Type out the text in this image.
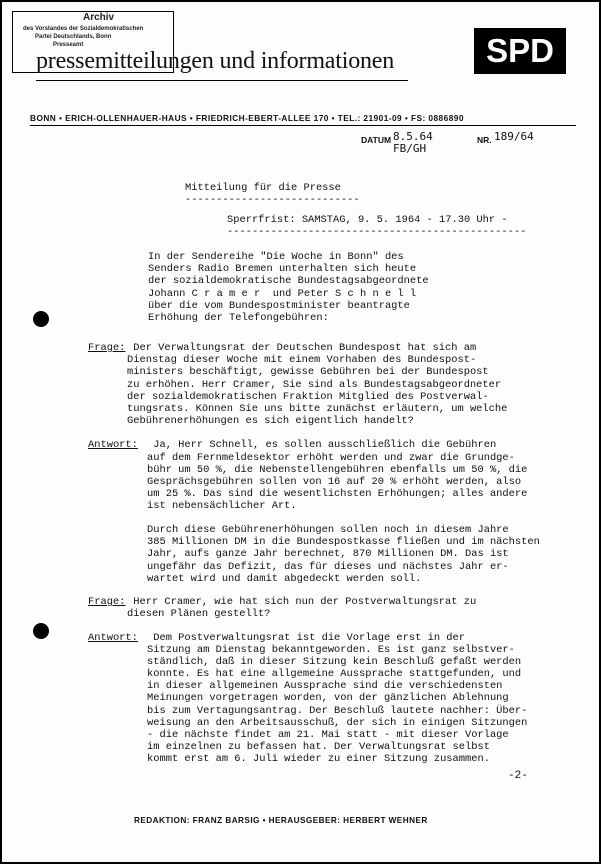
Archiv
des Vorstandes der Sozialdemokratischen
Partei Deutschlands, Bonn
Presseamt
pressemitteilungen und informationen	SPD
BONN • ERICH-OLLENHAUER-HAUS • FRIEDRICH-EBERT-ALLEE 170 • TEL.: 21901-09 • FS: 0886890
DATUM 8.5.64
FB/GH
NR. 189/64
Mitteilung für die Presse
----------------------------
Sperrfrist: SAMSTAG, 9. 5. 1964 - 17.30 Uhr -
------------------------------------------------
In der Sendereihe "Die Woche in Bonn" des
Senders Radio Bremen unterhalten sich heute
der sozialdemokratische Bundestagsabgeordnete
Johann C r a m e r  und Peter S c h n e l l
über die vom Bundespostminister beantragte
Erhöhung der Telefongebühren:
Frage: Der Verwaltungsrat der Deutschen Bundespost hat sich am
Dienstag dieser Woche mit einem Vorhaben des Bundespost-
ministers beschäftigt, gewisse Gebühren bei der Bundespost
zu erhöhen. Herr Cramer, Sie sind als Bundestagsabgeordneter
der sozialdemokratischen Fraktion Mitglied des Postverwal-
tungsrats. Können Sie uns bitte zunächst erläutern, um welche
Gebührenerhöhungen es sich eigentlich handelt?
Antwort: Ja, Herr Schnell, es sollen ausschließlich die Gebühren
auf dem Fernmeldesektor erhöht werden und zwar die Grundge-
bühr um 50 %, die Nebenstellengebühren ebenfalls um 50 %, die
Gesprächsgebühren sollen von 16 auf 20 % erhöht werden, also
um 25 %. Das sind die wesentlichsten Erhöhungen; alles andere
ist nebensächlicher Art.
Durch diese Gebührenerhöhungen sollen noch in diesem Jahre
385 Millionen DM in die Bundespostkasse fließen und im nächsten
Jahr, aufs ganze Jahr berechnet, 870 Millionen DM. Das ist
ungefähr das Defizit, das für dieses und nächstes Jahr er-
wartet wird und damit abgedeckt werden soll.
Frage: Herr Cramer, wie hat sich nun der Postverwaltungsrat zu
diesen Plänen gestellt?
Antwort: Dem Postverwaltungsrat ist die Vorlage erst in der
Sitzung am Dienstag bekanntgeworden. Es ist ganz selbstver-
ständlich, daß in dieser Sitzung kein Beschluß gefaßt werden
konnte. Es hat eine allgemeine Aussprache stattgefunden, und
in dieser allgemeinen Aussprache sind die verschiedensten
Meinungen vorgetragen worden, von der gänzlichen Ablehnung
bis zum Vertagungsantrag. Der Beschluß lautete nachher: Über-
weisung an den Arbeitsausschuß, der sich in einigen Sitzungen
- die nächste findet am 21. Mai statt - mit dieser Vorlage
im einzelnen zu befassen hat. Der Verwaltungsrat selbst
kommt erst am 6. Juli wieder zu einer Sitzung zusammen.
-2-
REDAKTION: FRANZ BARSIG • HERAUSGEBER: HERBERT WEHNER
